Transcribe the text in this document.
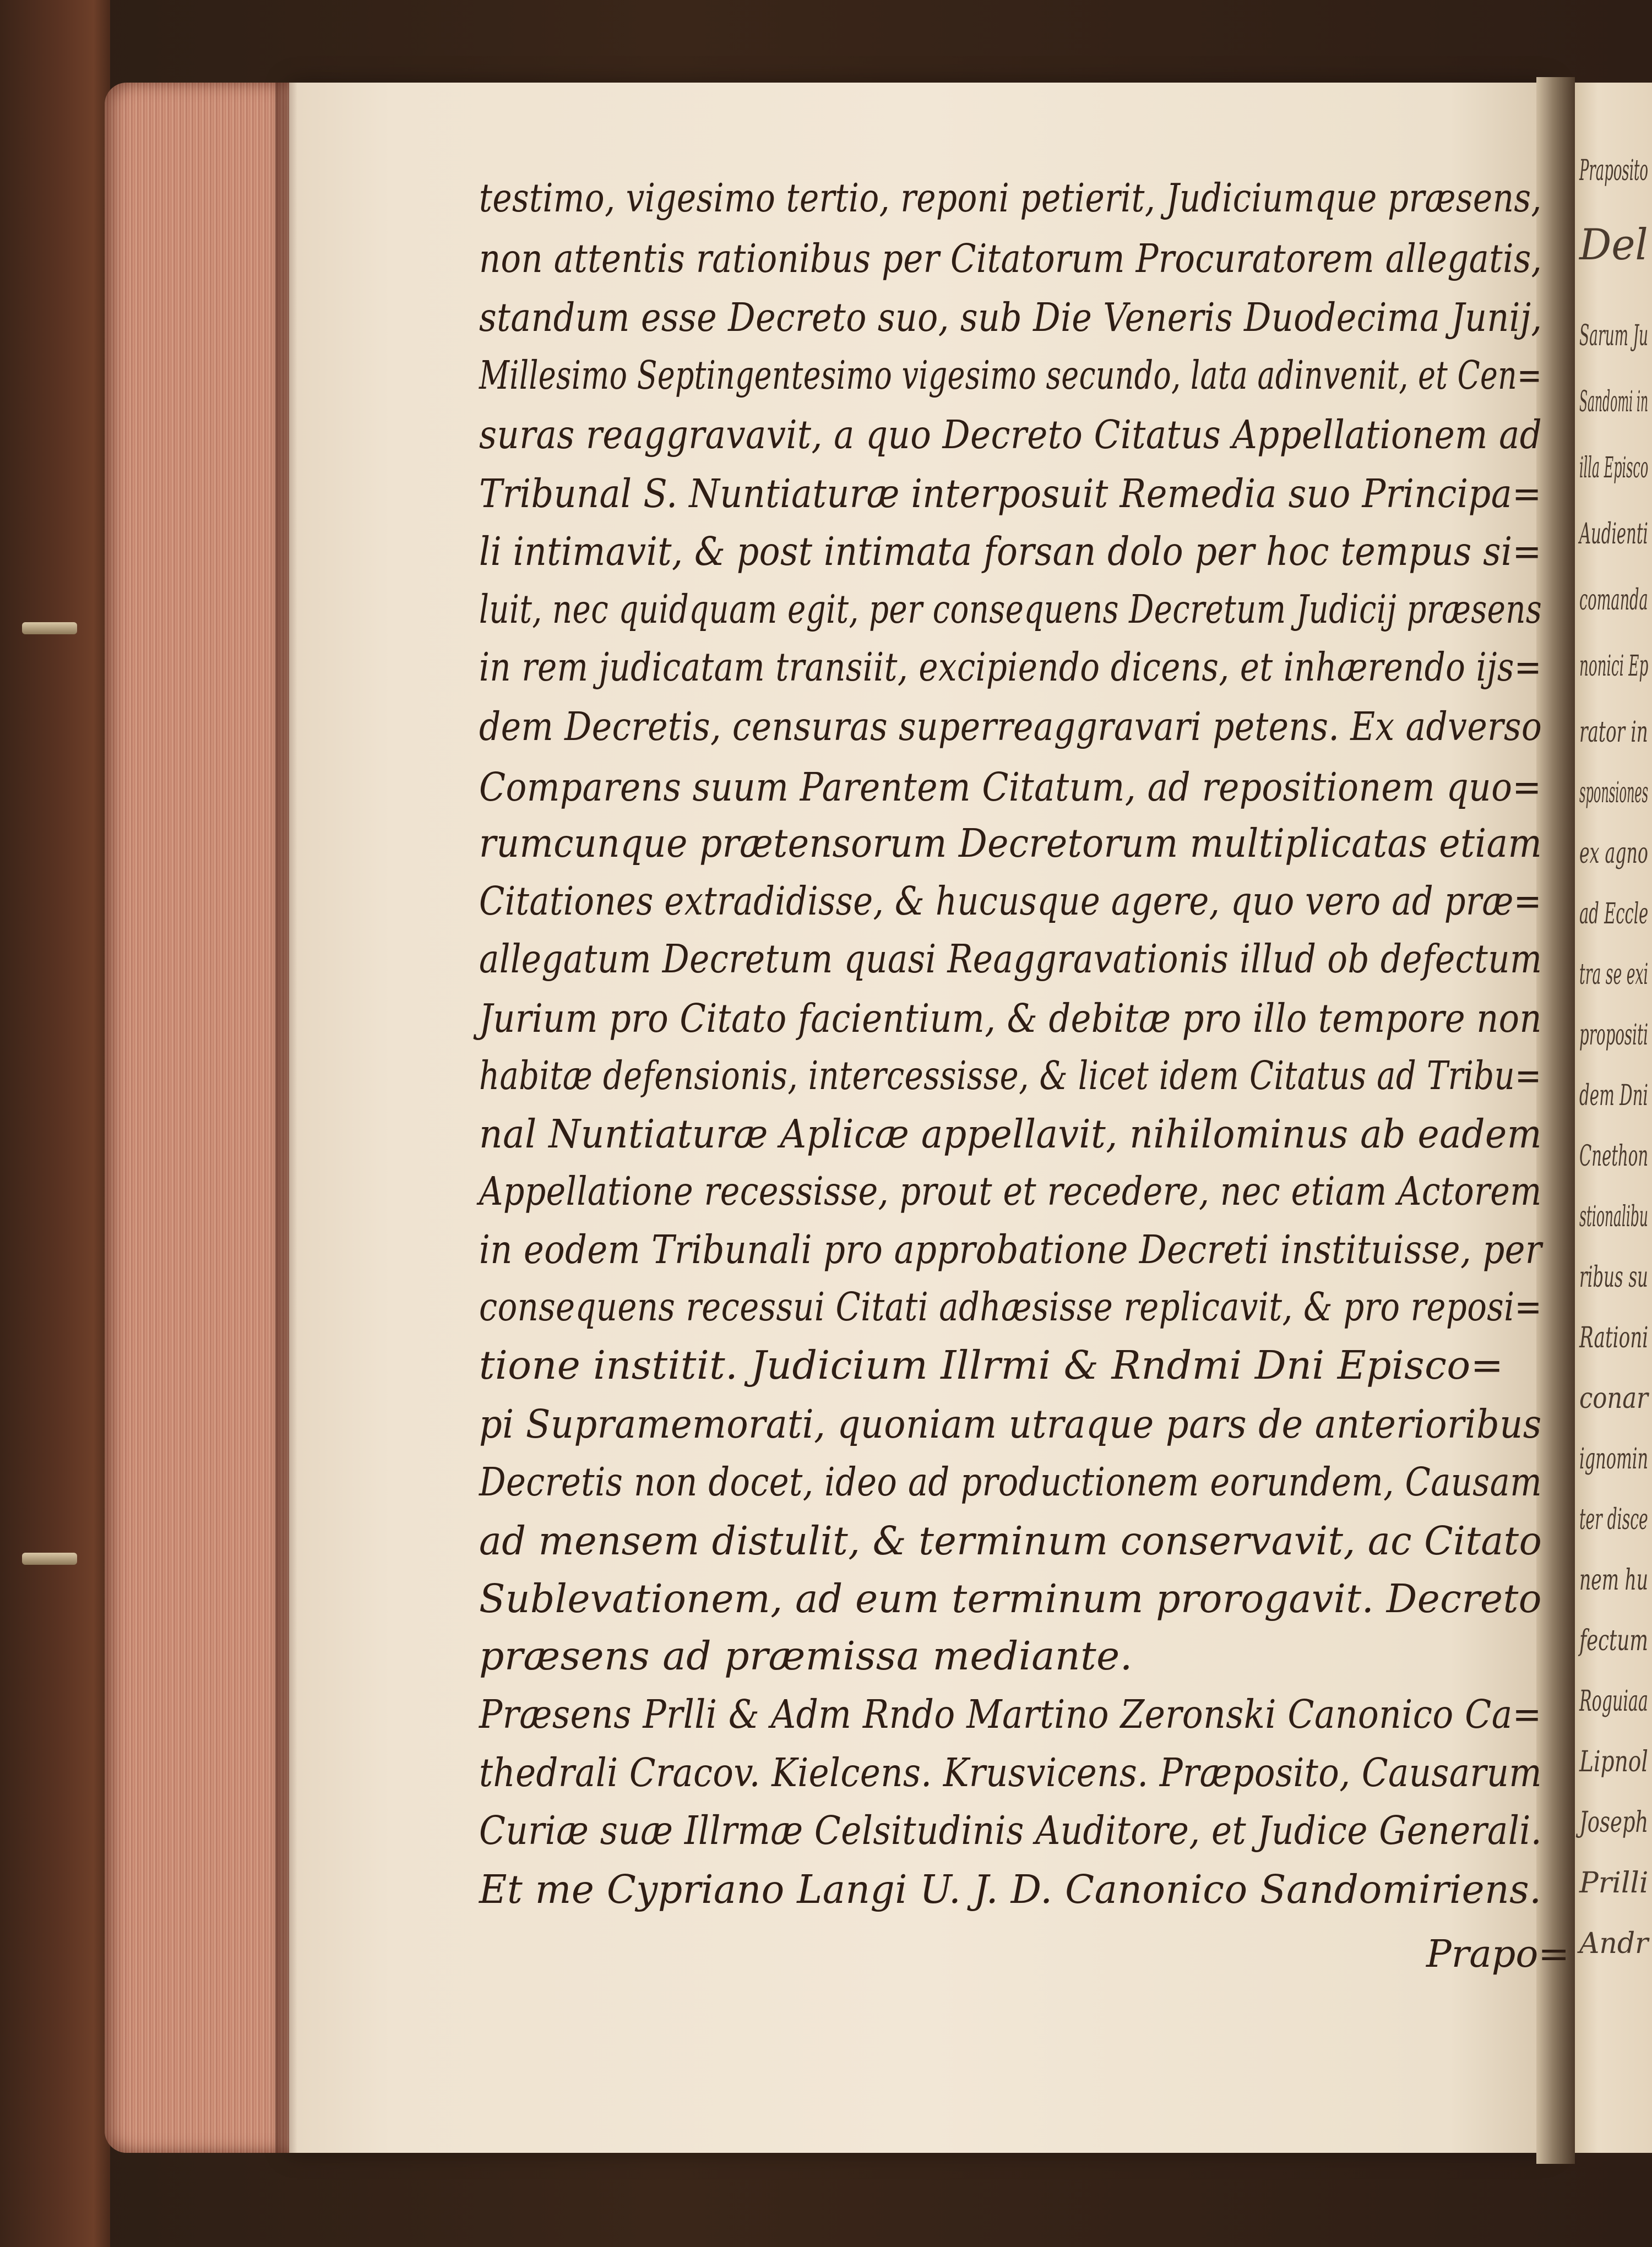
testimo, vigesimo tertio, reponi petierit, Judiciumque præsens,
non attentis rationibus per Citatorum Procuratorem allegatis,
standum esse Decreto suo, sub Die Veneris Duodecima Junij,
Millesimo Septingentesimo vigesimo secundo, lata adinvenit, et Cen=
suras reaggravavit, a quo Decreto Citatus Appellationem ad
Tribunal S. Nuntiaturæ interposuit Remedia suo Principa=
li intimavit, & post intimata forsan dolo per hoc tempus si=
luit, nec quidquam egit, per consequens Decretum Judicij præsens
in rem judicatam transiit, excipiendo dicens, et inhærendo ijs=
dem Decretis, censuras superreaggravari petens. Ex adverso
Comparens suum Parentem Citatum, ad repositionem quo=
rumcunque prætensorum Decretorum multiplicatas etiam
Citationes extradidisse, & hucusque agere, quo vero ad præ=
allegatum Decretum quasi Reaggravationis illud ob defectum
Jurium pro Citato facientium, & debitæ pro illo tempore non
habitæ defensionis, intercessisse, & licet idem Citatus ad Tribu=
nal Nuntiaturæ Aplicæ appellavit, nihilominus ab eadem
Appellatione recessisse, prout et recedere, nec etiam Actorem
in eodem Tribunali pro approbatione Decreti instituisse, per
consequens recessui Citati adhæsisse replicavit, & pro reposi=
tione institit. Judicium Illrmi & Rndmi Dni Episco=
pi Supramemorati, quoniam utraque pars de anterioribus
Decretis non docet, ideo ad productionem eorundem, Causam
ad mensem distulit, & terminum conservavit, ac Citato
Sublevationem, ad eum terminum prorogavit. Decreto
præsens ad præmissa mediante.
Præsens Prlli & Adm Rndo Martino Zeronski Canonico Ca=
thedrali Cracov. Kielcens. Krusvicens. Præposito, Causarum
Curiæ suæ Illrmæ Celsitudinis Auditore, et Judice Generali.
Et me Cypriano Langi U. J. D. Canonico Sandomiriens.
Prapo=
Praposito
Del
Sarum Ju
Sandomi in
illa Episco
Audienti
comanda
nonici Ep
rator in
sponsiones
ex agno
ad Eccle
tra se exi
propositi
dem Dni
Cnethon
stionalibu
ribus su
Rationi
conar
ignomin
ter disce
nem hu
fectum
Roguiaa
Lipnol
Joseph
Prilli
Andr
